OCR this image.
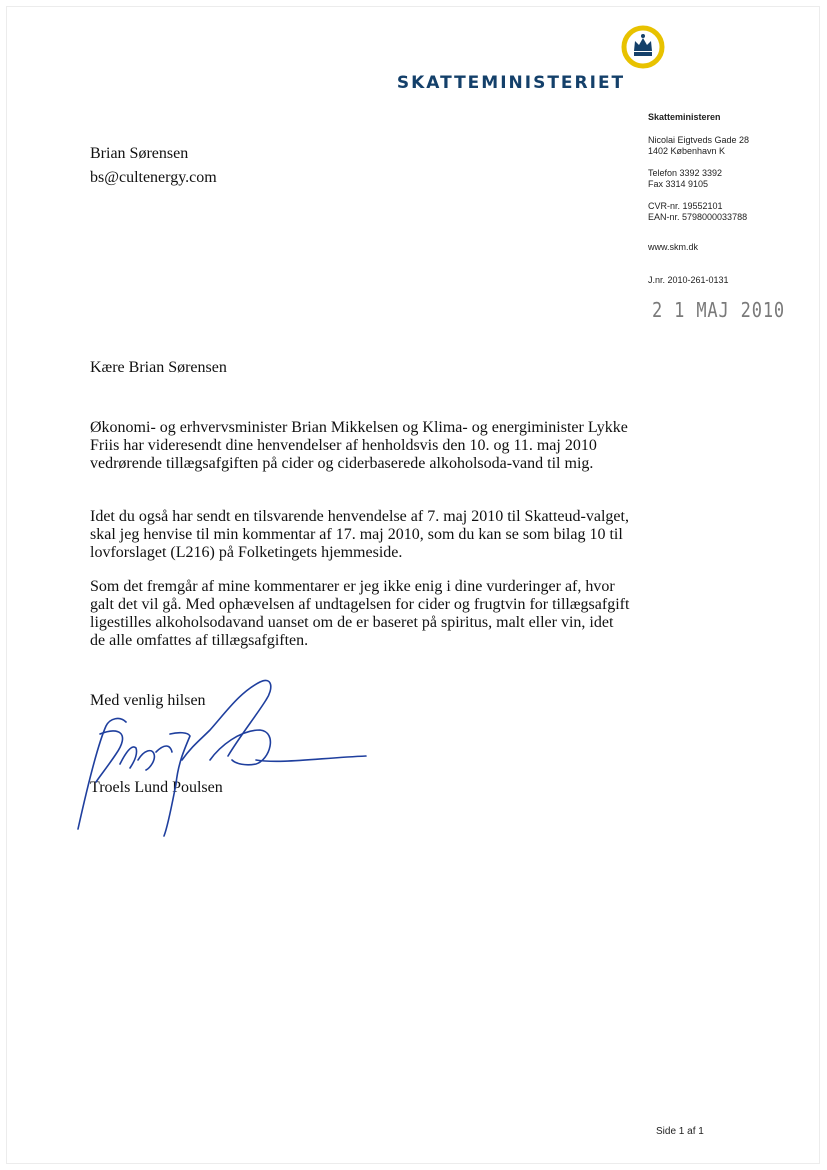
SKATTEMINISTERIET
Skatteministeren
Nicolai Eigtveds Gade 28
1402 København K
Telefon 3392 3392
Fax 3314 9105
CVR-nr. 19552101
EAN-nr. 5798000033788
www.skm.dk
J.nr. 2010-261-0131
2 1 MAJ 2010
Brian Sørensen
bs@cultenergy.com
Kære Brian Sørensen

Økonomi- og erhvervsminister Brian Mikkelsen og Klima- og energiminister Lykke Friis har videresendt dine henvendelser af henholdsvis den 10. og 11. maj 2010 vedrørende tillægsafgiften på cider og ciderbaserede alkoholsoda-vand til mig.

Idet du også har sendt en tilsvarende henvendelse af 7. maj 2010 til Skatteud-valget, skal jeg henvise til min kommentar af 17. maj 2010, som du kan se som bilag 10 til lovforslaget (L216) på Folketingets hjemmeside.

Som det fremgår af mine kommentarer er jeg ikke enig i dine vurderinger af, hvor galt det vil gå. Med ophævelsen af undtagelsen for cider og frugtvin for tillægsafgift ligestilles alkoholsodavand uanset om de er baseret på spiritus, malt eller vin, idet de alle omfattes af tillægsafgiften.

Med venlig hilsen
Troels Lund Poulsen
Side 1 af 1
